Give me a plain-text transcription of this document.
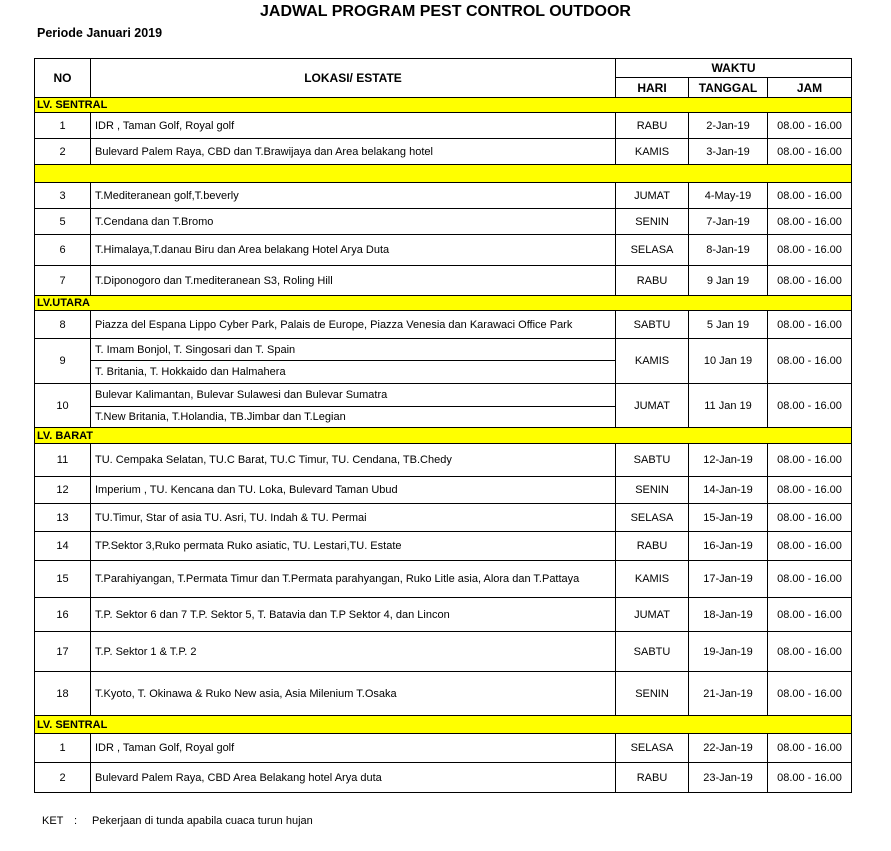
JADWAL PROGRAM PEST CONTROL OUTDOOR
Periode Januari 2019
NO	LOKASI/ ESTATE	WAKTU		
		HARI	TANGGAL	JAM
LV. SENTRAL				
1	IDR , Taman Golf, Royal golf	RABU	2-Jan-19	08.00 - 16.00
2	Bulevard Palem Raya, CBD dan T.Brawijaya dan Area belakang hotel	KAMIS	3-Jan-19	08.00 - 16.00

3	T.Mediteranean golf,T.beverly	JUMAT	4-May-19	08.00 - 16.00
5	T.Cendana dan T.Bromo	SENIN	7-Jan-19	08.00 - 16.00
6	T.Himalaya,T.danau Biru dan Area belakang Hotel Arya Duta	SELASA	8-Jan-19	08.00 - 16.00
7	T.Diponogoro dan T.mediteranean S3, Roling Hill	RABU	9 Jan 19	08.00 - 16.00
LV.UTARA				
8	Piazza del Espana Lippo Cyber Park, Palais de Europe, Piazza Venesia dan Karawaci Office Park	SABTU	5 Jan 19	08.00 - 16.00
9	T. Imam Bonjol, T. Singosari dan T. Spain	KAMIS	10 Jan 19	08.00 - 16.00
	T. Britania, T. Hokkaido dan Halmahera			
10	Bulevar Kalimantan, Bulevar Sulawesi dan Bulevar Sumatra	JUMAT	11 Jan 19	08.00 - 16.00
	T.New Britania, T.Holandia, TB.Jimbar dan T.Legian			
LV. BARAT				
11	TU. Cempaka Selatan, TU.C Barat, TU.C Timur, TU. Cendana, TB.Chedy	SABTU	12-Jan-19	08.00 - 16.00
12	Imperium , TU. Kencana dan TU. Loka, Bulevard Taman Ubud	SENIN	14-Jan-19	08.00 - 16.00
13	TU.Timur, Star of asia TU. Asri, TU. Indah & TU. Permai	SELASA	15-Jan-19	08.00 - 16.00
14	TP.Sektor 3,Ruko permata Ruko asiatic, TU. Lestari,TU. Estate	RABU	16-Jan-19	08.00 - 16.00
15	T.Parahiyangan, T.Permata Timur dan T.Permata parahyangan, Ruko Litle asia, Alora dan T.Pattaya	KAMIS	17-Jan-19	08.00 - 16.00
16	T.P. Sektor 6 dan 7 T.P. Sektor 5, T. Batavia dan T.P Sektor 4, dan Lincon	JUMAT	18-Jan-19	08.00 - 16.00
17	T.P. Sektor 1 & T.P. 2	SABTU	19-Jan-19	08.00 - 16.00
18	T.Kyoto, T. Okinawa & Ruko New asia, Asia Milenium T.Osaka	SENIN	21-Jan-19	08.00 - 16.00
LV. SENTRAL				
1	IDR , Taman Golf, Royal golf	SELASA	22-Jan-19	08.00 - 16.00
2	Bulevard Palem Raya, CBD Area Belakang hotel Arya duta	RABU	23-Jan-19	08.00 - 16.00
KET : Pekerjaan di tunda apabila cuaca turun hujan
